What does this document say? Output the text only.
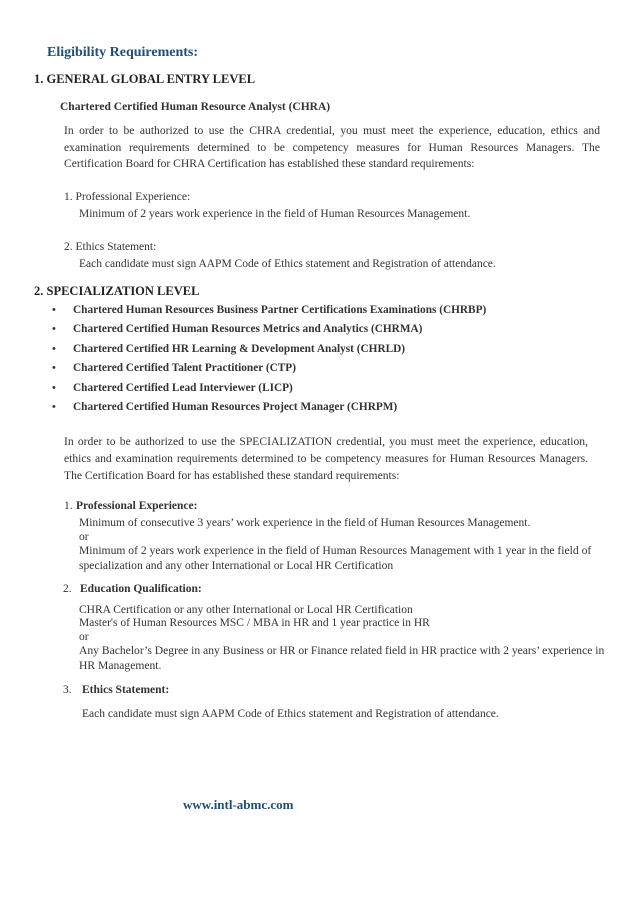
Eligibility Requirements:
1. GENERAL GLOBAL ENTRY LEVEL
Chartered Certified Human Resource Analyst (CHRA)
In order to be authorized to use the CHRA credential, you must meet the experience, education, ethics and examination requirements determined to be competency measures for Human Resources Managers. The Certification Board for CHRA Certification has established these standard requirements:
1. Professional Experience:
Minimum of 2 years work experience in the field of Human Resources Management.
2. Ethics Statement:
Each candidate must sign AAPM Code of Ethics statement and Registration of attendance.
2. SPECIALIZATION LEVEL
• Chartered Human Resources Business Partner Certifications Examinations (CHRBP)
• Chartered Certified Human Resources Metrics and Analytics (CHRMA)
• Chartered Certified HR Learning & Development Analyst (CHRLD)
• Chartered Certified Talent Practitioner (CTP)
• Chartered Certified Lead Interviewer (LICP)
• Chartered Certified Human Resources Project Manager (CHRPM)
In order to be authorized to use the SPECIALIZATION credential, you must meet the experience, education, ethics and examination requirements determined to be competency measures for Human Resources Managers. The Certification Board for has established these standard requirements:
1. Professional Experience:
Minimum of consecutive 3 years’ work experience in the field of Human Resources Management.
or
Minimum of 2 years work experience in the field of Human Resources Management with 1 year in the field of specialization and any other International or Local HR Certification
2. Education Qualification:
CHRA Certification or any other International or Local HR Certification
Master's of Human Resources MSC / MBA in HR and 1 year practice in HR
or
Any Bachelor’s Degree in any Business or HR or Finance related field in HR practice with 2 years’ experience in HR Management.
3. Ethics Statement:
Each candidate must sign AAPM Code of Ethics statement and Registration of attendance.
www.intl-abmc.com
